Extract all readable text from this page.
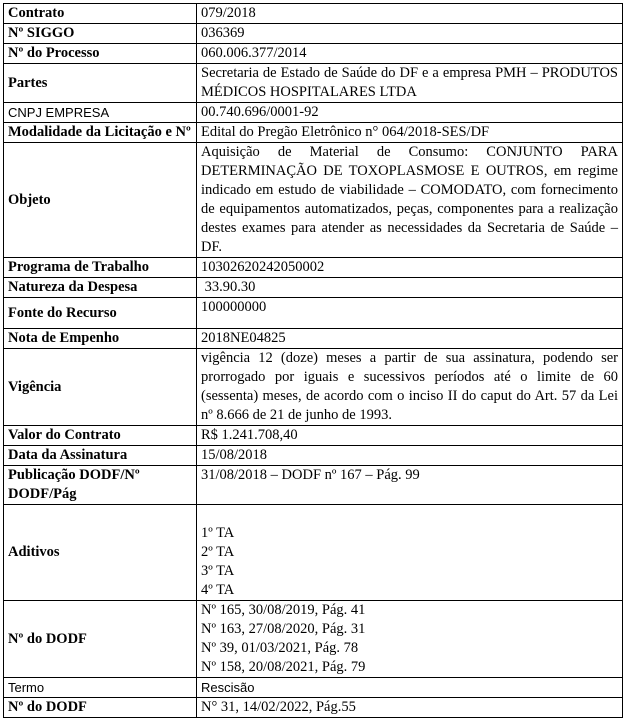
Contrato	079/2018
Nº SIGGO	036369
Nº do Processo	060.006.377/2014
Partes	Secretaria de Estado de Saúde do DF e a empresa PMH – PRODUTOS MÉDICOS HOSPITALARES LTDA
CNPJ EMPRESA	00.740.696/0001-92
Modalidade da Licitação e Nº	Edital do Pregão Eletrônico n° 064/2018-SES/DF
Objeto	Aquisição de Material de Consumo: CONJUNTO PARA DETERMINAÇÃO DE TOXOPLASMOSE E OUTROS, em regime indicado em estudo de viabilidade – COMODATO, com fornecimento de equipamentos automatizados, peças, componentes para a realização destes exames para atender as necessidades da Secretaria de Saúde – DF.
Programa de Trabalho	10302620242050002
Natureza da Despesa	33.90.30
Fonte do Recurso	100000000
Nota de Empenho	2018NE04825
Vigência	vigência 12 (doze) meses a partir de sua assinatura, podendo ser prorrogado por iguais e sucessivos períodos até o limite de 60 (sessenta) meses, de acordo com o inciso II do caput do Art. 57 da Lei nº 8.666 de 21 de junho de 1993.
Valor do Contrato	R$ 1.241.708,40
Data da Assinatura	15/08/2018
Publicação DODF/Nº DODF/Pág	31/08/2018 – DODF nº 167 – Pág. 99
Aditivos	1º TA
2º TA
3º TA
4º TA

Nº do DODF	Nº 165, 30/08/2019, Pág. 41
Nº 163, 27/08/2020, Pág. 31
Nº 39, 01/03/2021, Pág. 78
Nº 158, 20/08/2021, Pág. 79

Termo	Rescisão
Nº do DODF	N° 31, 14/02/2022, Pág.55
